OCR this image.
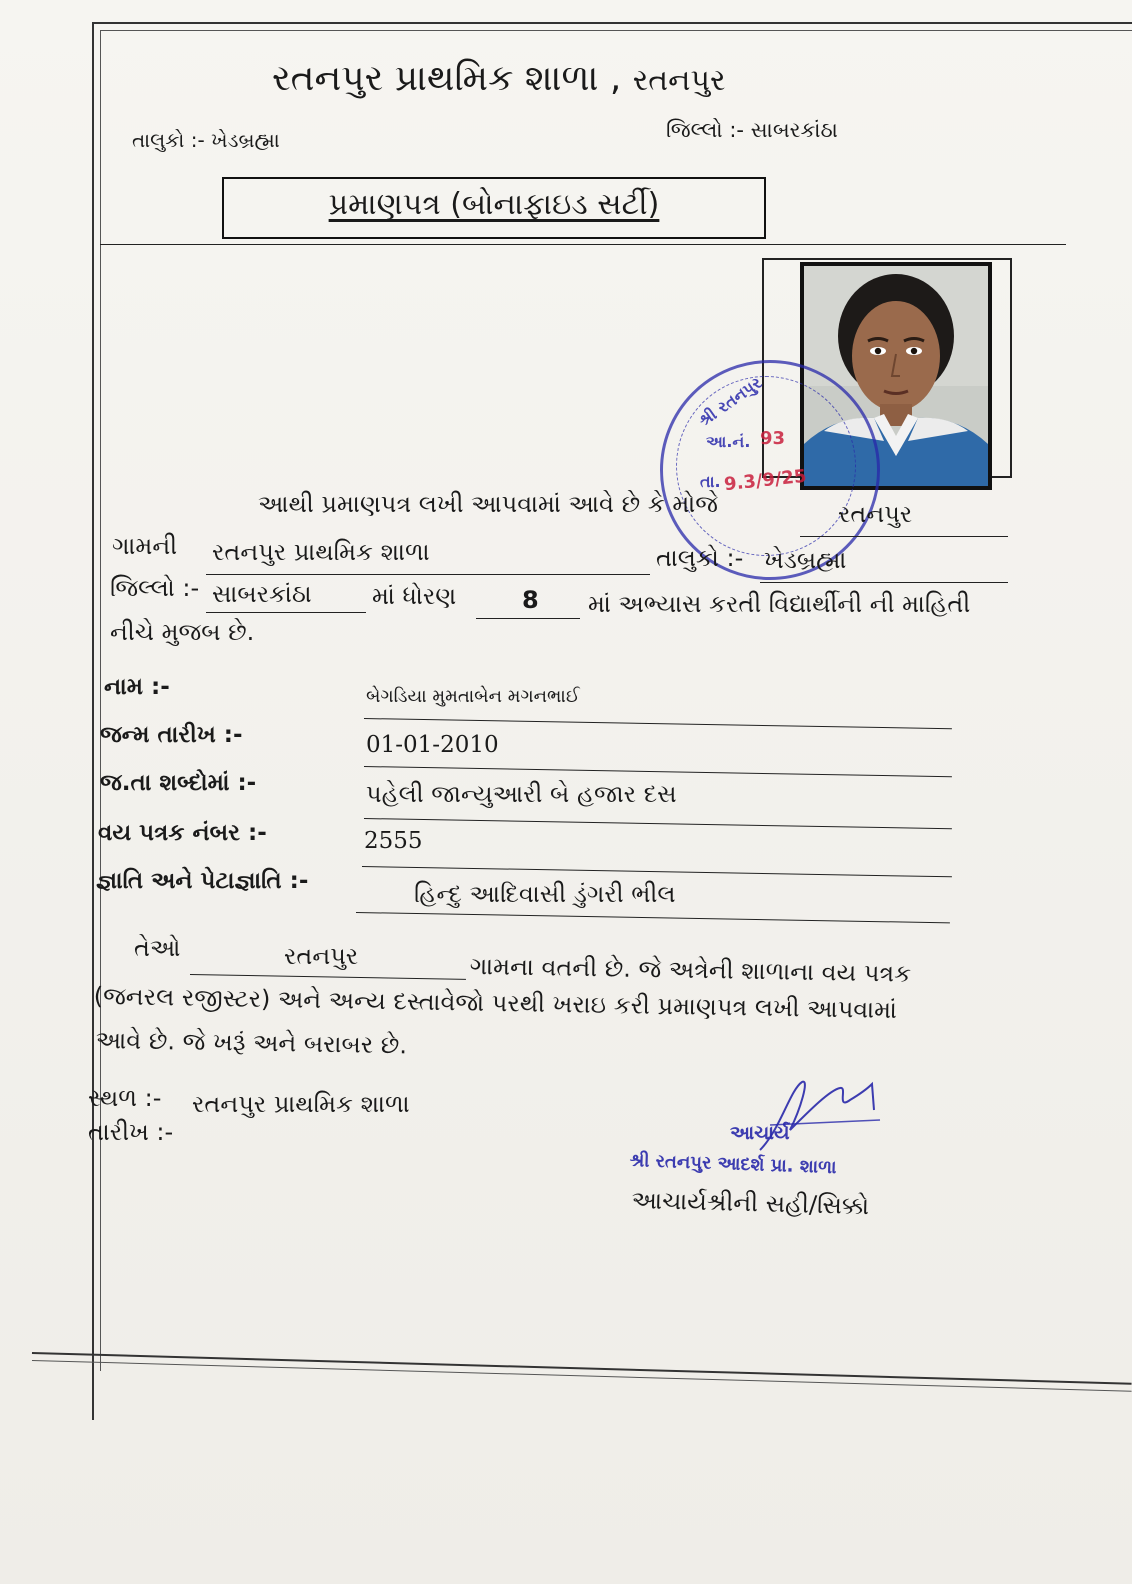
રતનપુર પ્રાથમિક શાળા , રતનપુર
તાલુકો :- ખેડબ્રહ્મા	જિલ્લો :- સાબરકાંઠા
પ્રમાણપત્ર (બોનાફાઇડ સર્ટી)
શ્રી રતનપુર
આ.નં. 93
તા. 9.3/9/25
આથી પ્રમાણપત્ર લખી આપવામાં આવે છે કે મોજે	રતનપુર
ગામની રતનપુર પ્રાથમિક શાળા	તાલુકો :- ખેડબ્રહ્મા
જિલ્લો :- સાબરકાંઠા	માં ધોરણ	8 માં અભ્યાસ કરતી વિદ્યાર્થીની ની માહિતી
નીચે મુજબ છે.
નામ :-	બેગડિયા મુમતાબેન મગનભાઈ
જન્મ તારીખ :-	01-01-2010
જ.તા શબ્દોમાં :-	પહેલી જાન્યુઆરી બે હજાર દસ
વય પત્રક નંબર :-	2555
જ્ઞાતિ અને પેટાજ્ઞાતિ :-	હિન્દુ આદિવાસી ડુંગરી ભીલ
તેઓ	રતનપુર	ગામના વતની છે. જે અત્રેની શાળાના વય પત્રક
(જનરલ રજીસ્ટર) અને અન્ય દસ્તાવેજો પરથી ખરાઇ કરી પ્રમાણપત્ર લખી આપવામાં
આવે છે. જે ખરૂં અને બરાબર છે.
સ્થળ :- રતનપુર પ્રાથમિક શાળા
તારીખ :-	આચાર્ય
શ્રી રતનપુર આદર્શ પ્રા. શાળા
આચાર્યશ્રીની સહી/સિક્કો
